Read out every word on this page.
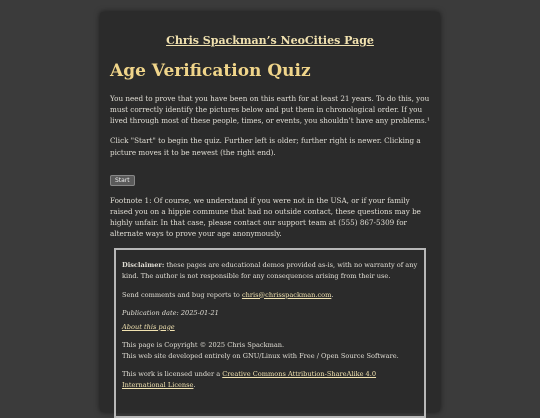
Chris Spackman’s NeoCities Page
Age Verification Quiz

You need to prove that you have been on this earth for at least 21 years. To do this, you must correctly identify the pictures below and put them in chronological order. If you lived through most of these people, times, or events, you shouldn’t have any problems.¹

Click "Start" to begin the quiz. Further left is older; further right is newer. Clicking a picture moves it to be newest (the right end).

Start

Footnote 1: Of course, we understand if you were not in the USA, or if your family raised you on a hippie commune that had no outside contact, these questions may be highly unfair. In that case, please contact our support team at (555) 867-5309 for alternate ways to prove your age anonymously.

Disclaimer: these pages are educational demos provided as-is, with no warranty of any kind. The author is not responsible for any consequences arising from their use.

Send comments and bug reports to chris@chrisspackman.com.

Publication date: 2025-01-21

About this page

This page is Copyright © 2025 Chris Spackman.
This web site developed entirely on GNU/Linux with Free / Open Source Software.

This work is licensed under a Creative Commons Attribution-ShareAlike 4.0 International License.
